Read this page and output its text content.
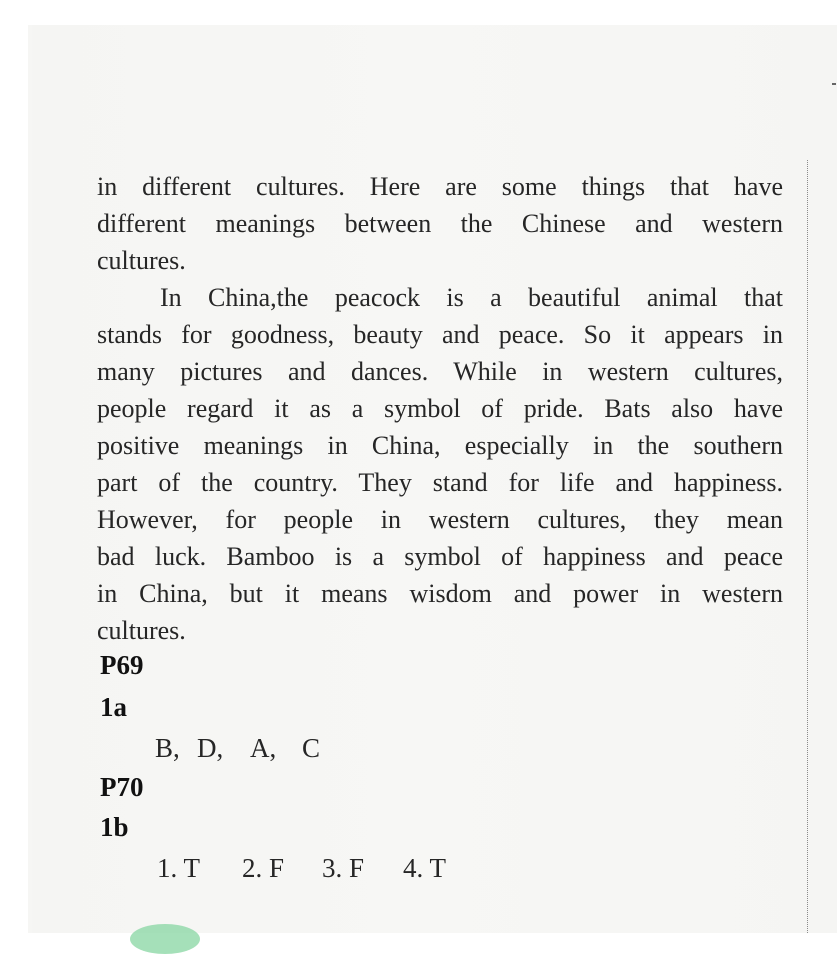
in different cultures. Here are some things that have
different meanings between the Chinese and western
cultures.
In China,the peacock is a beautiful animal that
stands for goodness, beauty and peace. So it appears in
many pictures and dances. While in western cultures,
people regard it as a symbol of pride. Bats also have
positive meanings in China, especially in the southern
part of the country. They stand for life and happiness.
However, for people in western cultures, they mean
bad luck. Bamboo is a symbol of happiness and peace
in China, but it means wisdom and power in western
cultures.
P69
1a
B, D, A, C
P70
1b
1. T 2. F 3. F 4. T
